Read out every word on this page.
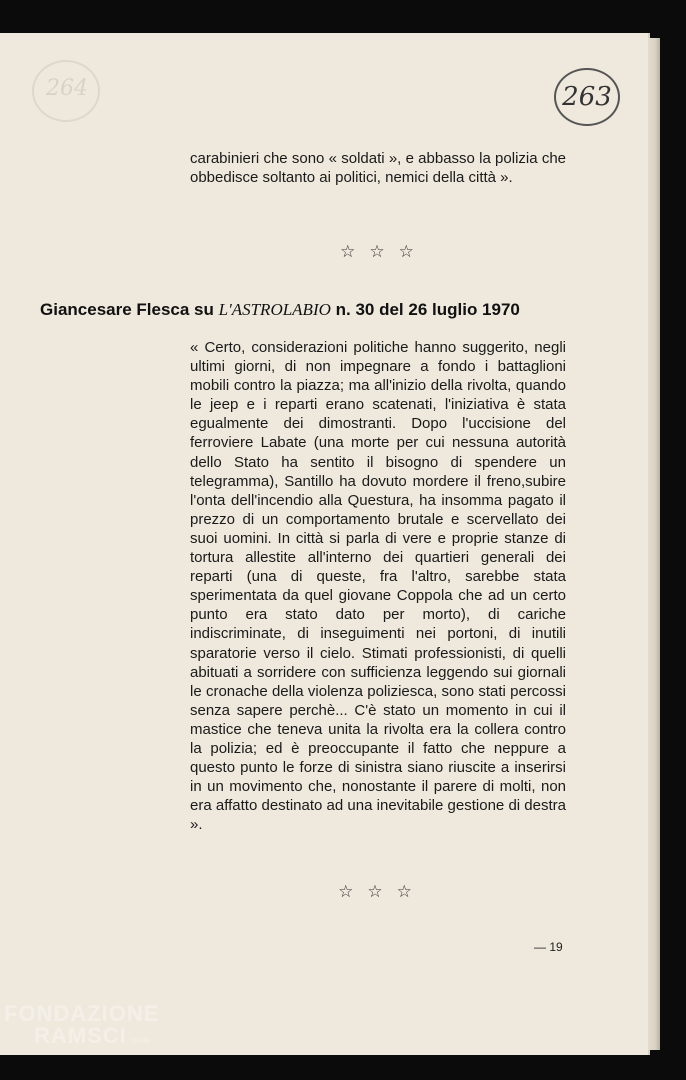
264	263
carabinieri che sono « soldati », e abbasso la polizia che obbedisce soltanto ai politici, nemici della città ».
☆☆☆
Giancesare Flesca su L'ASTROLABIO n. 30 del 26 luglio 1970
« Certo, considerazioni politiche hanno suggerito, negli ultimi giorni, di non impegnare a fondo i battaglioni mobili contro la piazza; ma all'inizio della rivolta, quando le jeep e i reparti erano scatenati, l'iniziativa è stata egualmente dei dimostranti. Dopo l'uccisione del ferroviere Labate (una morte per cui nessuna autorità dello Stato ha sentito il bisogno di spendere un telegramma), Santillo ha dovuto mordere il freno,subire l'onta dell'incendio alla Questura, ha insomma pagato il prezzo di un comportamento brutale e scervellato dei suoi uomini. In città si parla di vere e proprie stanze di tortura allestite all'interno dei quartieri generali dei reparti (una di queste, fra l'altro, sarebbe stata sperimentata da quel giovane Coppola che ad un certo punto era stato dato per morto), di cariche indiscriminate, di inseguimenti nei portoni, di inutili sparatorie verso il cielo. Stimati professionisti, di quelli abituati a sorridere con sufficienza leggendo sui giornali le cronache della violenza poliziesca, sono stati percossi senza sapere perchè... C'è stato un momento in cui il mastice che teneva unita la rivolta era la collera contro la polizia; ed è preoccupante il fatto che neppure a questo punto le forze di sinistra siano riuscite a inserirsi in un movimento che, nonostante il parere di molti, non era affatto destinato ad una inevitabile gestione di destra ».
☆☆☆
— 19
FONDAZIONE
RAMSCI onlus
